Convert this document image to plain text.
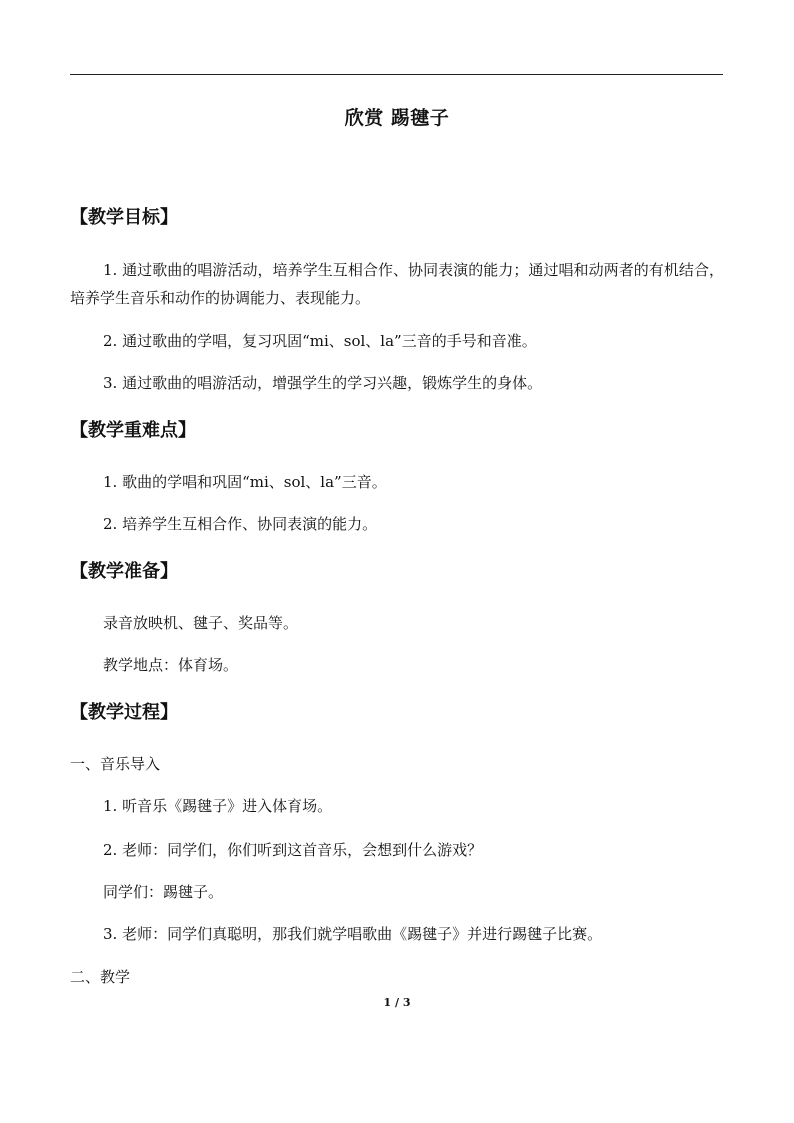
欣赏 踢毽子
【教学目标】

1. 通过歌曲的唱游活动，培养学生互相合作、协同表演的能力；通过唱和动两者的有机结合，培养学生音乐和动作的协调能力、表现能力。

2. 通过歌曲的学唱，复习巩固“mi、sol、la”三音的手号和音准。

3. 通过歌曲的唱游活动，增强学生的学习兴趣，锻炼学生的身体。

【教学重难点】

1. 歌曲的学唱和巩固“mi、sol、la”三音。

2. 培养学生互相合作、协同表演的能力。

【教学准备】

录音放映机、毽子、奖品等。

教学地点：体育场。

【教学过程】

一、音乐导入

1. 听音乐《踢毽子》进入体育场。

2. 老师：同学们，你们听到这首音乐，会想到什么游戏？

同学们：踢毽子。

3. 老师：同学们真聪明，那我们就学唱歌曲《踢毽子》并进行踢毽子比赛。

二、教学

1 / 3
